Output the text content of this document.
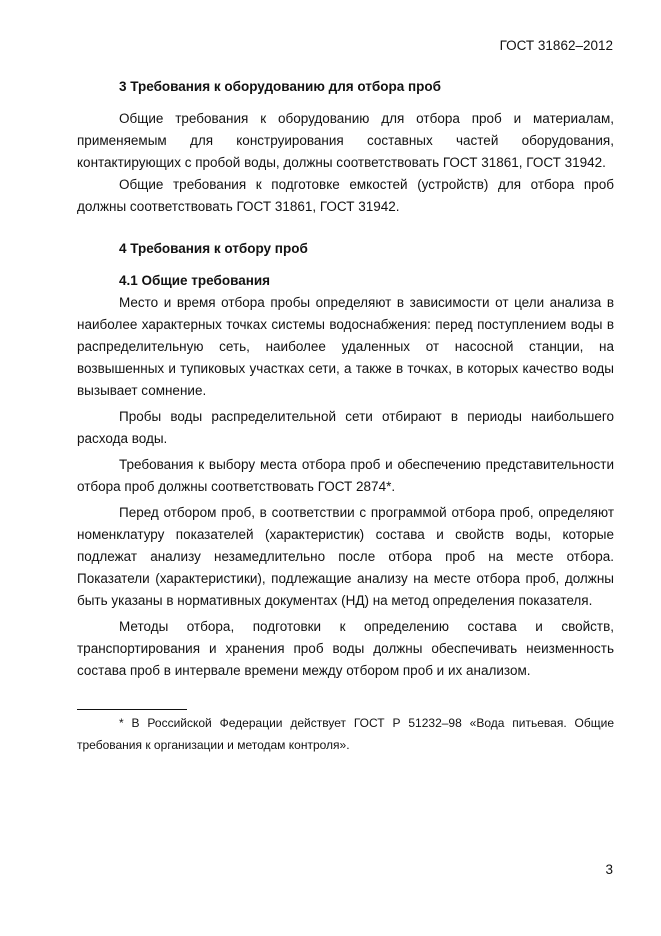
ГОСТ 31862–2012

3 Требования к оборудованию для отбора проб

Общие требования к оборудованию для отбора проб и материалам, применяемым для конструирования составных частей оборудования, контактирующих с пробой воды, должны соответствовать ГОСТ 31861, ГОСТ 31942.

Общие требования к подготовке емкостей (устройств) для отбора проб должны соответствовать ГОСТ 31861, ГОСТ 31942.

4 Требования к отбору проб

4.1 Общие требования

Место и время отбора пробы определяют в зависимости от цели анализа в наиболее характерных точках системы водоснабжения: перед поступлением воды в распределительную сеть, наиболее удаленных от насосной станции, на возвышенных и тупиковых участках сети, а также в точках, в которых качество воды вызывает сомнение.

Пробы воды распределительной сети отбирают в периоды наибольшего расхода воды.

Требования к выбору места отбора проб и обеспечению представительности отбора проб должны соответствовать ГОСТ 2874*.

Перед отбором проб, в соответствии с программой отбора проб, определяют номенклатуру показателей (характеристик) состава и свойств воды, которые подлежат анализу незамедлительно после отбора проб на месте отбора. Показатели (характеристики), подлежащие анализу на месте отбора проб, должны быть указаны в нормативных документах (НД) на метод определения показателя.

Методы отбора, подготовки к определению состава и свойств, транспортирования и хранения проб воды должны обеспечивать неизменность состава проб в интервале времени между отбором проб и их анализом.

* В Российской Федерации действует ГОСТ Р 51232–98 «Вода питьевая. Общие требования к организации и методам контроля».

3
